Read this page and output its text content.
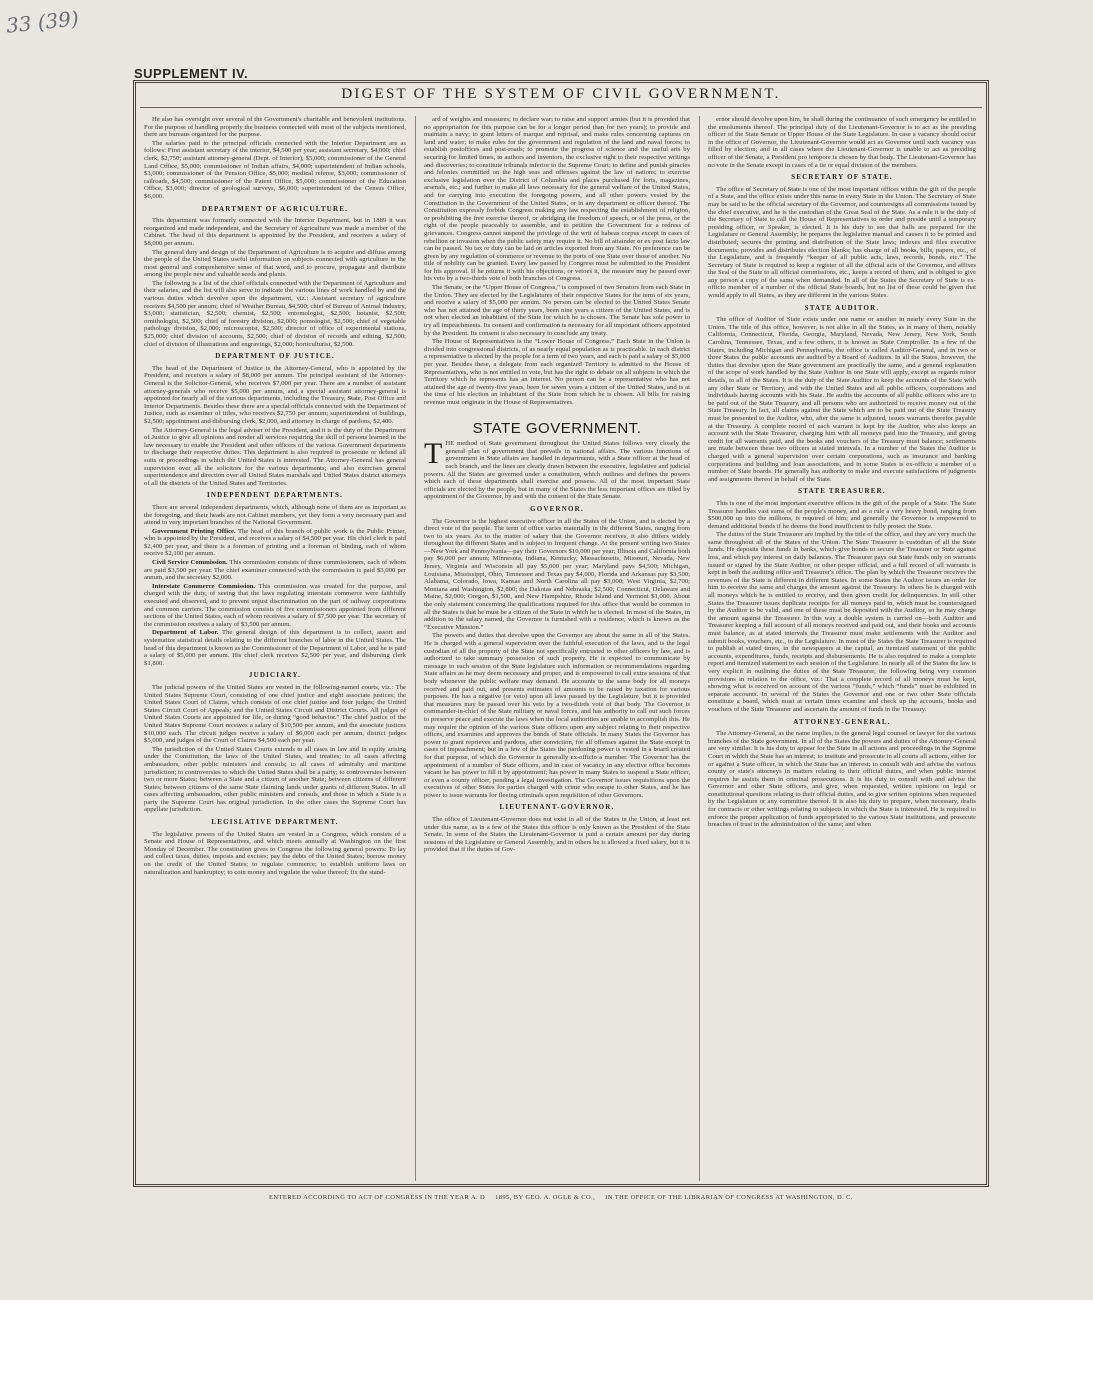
33 (39)
SUPPLEMENT IV.
DIGEST OF THE SYSTEM OF CIVIL GOVERNMENT.

He also has oversight over several of the Government's charitable and benevolent institutions. For the purpose of handling properly the business connected with most of the subjects mentioned, there are bureaus organized for the purpose.

The salaries paid to the principal officials connected with the Interior Department are as follows: First assistant secretary of the interior, $4,500 per year; assistant secretary, $4,000; chief clerk, $2,750; assistant attorney-general (Dept. of Interior), $5,000; commissioner of the General Land Office, $5,000; commissioner of Indian affairs, $4,000; superintendent of Indian schools, $3,000; commissioner of the Pension Office, $5,000; medical referee, $3,000; commissioner of railroads, $4,500; commissioner of the Patent Office, $5,000; commissioner of the Education Office, $3,000; director of geological surveys, $6,000; superintendent of the Census Office, $6,000.

DEPARTMENT OF AGRICULTURE.

This department was formerly connected with the Interior Department, but in 1889 it was reorganized and made independent, and the Secretary of Agriculture was made a member of the Cabinet. The head of this department is appointed by the President, and receives a salary of $8,000 per annum.

The general duty and design of the Department of Agriculture is to acquire and diffuse among the people of the United States useful information on subjects connected with agriculture in the most general and comprehensive sense of that word, and to procure, propagate and distribute among the people new and valuable seeds and plants.

The following is a list of the chief officials connected with the Department of Agriculture and their salaries, and the list will also serve to indicate the various lines of work handled by and the various duties which devolve upon the department, viz.: Assistant secretary of agriculture receives $4,500 per annum; chief of Weather Bureau, $4,500; chief of Bureau of Animal Industry, $3,000; statistician, $2,500; chemist, $2,500; entomologist, $2,500; botanist, $2,500; ornithologist, $2,500; chief of forestry division, $2,000; pomologist, $2,500; chief of vegetable pathology division, $2,000; microscopist, $2,500; director of office of experimental stations, $25,000; chief division of accounts, $2,500; chief of division of records and editing, $2,500; chief of division of illustrations and engravings, $2,000; horticulturist, $2,500.

DEPARTMENT OF JUSTICE.

The head of the Department of Justice is the Attorney-General, who is appointed by the President, and receives a salary of $8,000 per annum. The principal assistant of the Attorney-General is the Solicitor-General, who receives $7,000 per year. There are a number of assistant attorney-generals who receive $5,000 per annum, and a special assistant attorney-general is appointed for nearly all of the various departments, including the Treasury, State, Post Office and Interior Departments. Besides these there are a special officials connected with the Department of Justice, such as examiner of titles, who receives $2,750 per annum; superintendent of buildings, $2,500; appointment and disbursing clerk, $2,000, and attorney in charge of pardons, $2,400.

The Attorney-General is the legal adviser of the President, and it is the duty of the Department of Justice to give all opinions and render all services requiring the skill of persons learned in the law necessary to enable the President and other officers of the various Government departments to discharge their respective duties. This department is also required to prosecute or defend all suits or proceedings in which the United States is interested. The Attorney-General has general supervision over all the solicitors for the various departments; and also exercises general superintendence and direction over all United States marshals and United States district attorneys of all the districts of the United States and Territories.

INDEPENDENT DEPARTMENTS.

There are several independent departments, which, although none of them are as important as the foregoing, and their heads are not Cabinet members, yet they form a very necessary part and attend to very important branches of the National Government.

Government Printing Office. The head of this branch of public work is the Public Printer, who is appointed by the President, and receives a salary of $4,500 per year. His chief clerk is paid $2,400 per year, and there is a foreman of printing and a foreman of binding, each of whom receive $2,100 per annum.

Civil Service Commission. This commission consists of three commissioners, each of whom are paid $3,500 per year. The chief examiner connected with the commission is paid $3,000 per annum, and the secretary $2,000.

Interstate Commerce Commission. This commission was created for the purpose, and charged with the duty, of seeing that the laws regulating interstate commerce were faithfully executed and observed, and to prevent unjust discrimination on the part of railway corporations and common carriers. The commission consists of five commissioners appointed from different sections of the United States, each of whom receives a salary of $7,500 per year. The secretary of the commission receives a salary of $3,500 per annum.

Department of Labor. The general design of this department is to collect, assort and systematize statistical details relating to the different branches of labor in the United States. The head of this department is known as the Commissioner of the Department of Labor, and he is paid a salary of $5,000 per annum. His chief clerk receives $2,500 per year, and disbursing clerk $1,800.

JUDICIARY.

The judicial powers of the United States are vested in the following-named courts, viz.: The United States Supreme Court, consisting of one chief justice and eight associate justices; the United States Court of Claims, which consists of one chief justice and four judges; the United States Circuit Court of Appeals; and the United States Circuit and District Courts. All judges of United States Courts are appointed for life, or during “good behavior.” The chief justice of the United States Supreme Court receives a salary of $10,500 per annum, and the associate justices $10,000 each. The circuit judges receive a salary of $6,000 each per annum, district judges $5,000, and judges of the Court of Claims $4,500 each per year.

The jurisdiction of the United States Courts extends to all cases in law and in equity arising under the Constitution, the laws of the United States, and treaties; to all cases affecting ambassadors, other public ministers and consuls; to all cases of admiralty and maritime jurisdiction; to controversies to which the United States shall be a party; to controversies between two or more States; between a State and a citizen of another State; between citizens of different States; between citizens of the same State claiming lands under grants of different States. In all cases affecting ambassadors, other public ministers and consuls, and those in which a State is a party the Supreme Court has original jurisdiction. In the other cases the Supreme Court has appellate jurisdiction.

LEGISLATIVE DEPARTMENT.

The legislative powers of the United States are vested in a Congress, which consists of a Senate and House of Representatives, and which meets annually at Washington on the first Monday of December. The constitution gives to Congress the following general powers: To lay and collect taxes, duties, imposts and excises; pay the debts of the United States; borrow money on the credit of the United States; to regulate commerce; to establish uniform laws on naturalization and bankruptcy; to coin money and regulate the value thereof; fix the stand-

ard of weights and measures; to declare war; to raise and support armies (but it is provided that no appropriation for this purpose can be for a longer period than for two years); to provide and maintain a navy; to grant letters of marque and reprisal, and make rules concerning captures on land and water; to make rules for the government and regulation of the land and naval forces; to establish postoffices and post-roads; to promote the progress of science and the useful arts by securing for limited times, to authors and inventors, the exclusive right to their respective writings and discoveries; to constitute tribunals inferior to the Supreme Court; to define and punish piracies and felonies committed on the high seas and offenses against the law of nations; to exercise exclusive legislation over the District of Columbia and places purchased for forts, magazines, arsenals, etc.; and further to make all laws necessary for the general welfare of the United States, and for carrying into execution the foregoing powers, and all other powers vested by the Constitution in the Government of the United States, or in any department or officer thereof. The Constitution expressly forbids Congress making any law respecting the establishment of religion, or prohibiting the free exercise thereof, or abridging the freedom of speech, or of the press, or the right of the people peaceably to assemble, and to petition the Government for a redress of grievances. Congress cannot suspend the privilege of the writ of habeas corpus except in cases of rebellion or invasion when the public safety may require it. No bill of attainder or ex post facto law can be passed. No tax or duty can be laid on articles exported from any State. No preference can be given by any regulation of commerce or revenue to the ports of one State over those of another. No title of nobility can be granted. Every law passed by Congress must be submitted to the President for his approval. If he returns it with his objections, or vetoes it, the measure may be passed over his veto by a two-thirds vote of both branches of Congress.

The Senate, or the “Upper House of Congress,” is composed of two Senators from each State in the Union. They are elected by the Legislatures of their respective States for the term of six years, and receive a salary of $5,000 per annum. No person can be elected to the United States Senate who has not attained the age of thirty years, been nine years a citizen of the United States, and is not when elected an inhabitant of the State for which he is chosen. The Senate has sole power to try all impeachments. Its consent and confirmation is necessary for all important officers appointed by the President. Its consent is also necessary to conclude any treaty.

The House of Representatives is the “Lower House of Congress.” Each State in the Union is divided into congressional districts, of as nearly equal population as is practicable. In each district a representative is elected by the people for a term of two years, and each is paid a salary of $5,000 per year. Besides these, a delegate from each organized Territory is admitted to the House of Representatives, who is not entitled to vote, but has the right to debate on all subjects in which the Territory which he represents has an interest. No person can be a representative who has not attained the age of twenty-five years, been for seven years a citizen of the United States, and is at the time of his election an inhabitant of the State from which he is chosen. All bills for raising revenue must originate in the House of Representatives.

STATE GOVERNMENT.

THE method of State government throughout the United States follows very closely the general plan of government that prevails in national affairs. The various functions of government in State affairs are handled in departments, with a State officer at the head of each branch, and the lines are clearly drawn between the executive, legislative and judicial powers. All the States are governed under a constitution, which outlines and defines the powers which each of these departments shall exercise and possess. All of the most important State officials are elected by the people, but in many of the States the less important offices are filled by appointment of the Governor, by and with the consent of the State Senate.

GOVERNOR.

The Governor is the highest executive officer in all the States of the Union, and is elected by a direct vote of the people. The term of office varies materially in the different States, ranging from two to six years. As to the matter of salary that the Governor receives, it also differs widely throughout the different States and is subject to frequent change. At the present writing two States—New York and Pennsylvania—pay their Governors $10,000 per year; Illinois and California both pay $6,000 per annum; Minnesota, Indiana, Kentucky, Massachusetts, Missouri, Nevada, New Jersey, Virginia and Wisconsin all pay $5,000 per year; Maryland pays $4,500; Michigan, Louisiana, Mississippi, Ohio, Tennessee and Texas pay $4,000, Florida and Arkansas pay $3,500; Alabama, Colorado, Iowa, Kansas and North Carolina all pay $3,000; West Virginia, $2,700; Montana and Washington, $2,800; the Dakotas and Nebraska, $2,500; Connecticut, Delaware and Maine, $2,000; Oregon, $1,500, and New Hampshire, Rhode Island and Vermont $1,000. About the only statement concerning the qualifications required for this office that would be common to all the States is that he must be a citizen of the State in which he is elected. In most of the States, in addition to the salary named, the Governor is furnished with a residence, which is known as the “Executive Mansion.”

The powers and duties that devolve upon the Governor are about the same in all of the States. He is charged with a general supervision over the faithful execution of the laws, and is the legal custodian of all the property of the State not specifically entrusted to other officers by law, and is authorized to take summary possession of such property. He is expected to communicate by message to each session of the State legislature such information or recommendations regarding State affairs as he may deem necessary and proper, and is empowered to call extra sessions of that body whenever the public welfare may demand. He accounts to the same body for all moneys received and paid out, and presents estimates of amounts to be raised by taxation for various purposes. He has a negative (or veto) upon all laws passed by the Legislature, but it is provided that measures may be passed over his veto by a two-thirds vote of that body. The Governor is commander-in-chief of the State military or naval forces, and has authority to call out such forces to preserve peace and execute the laws when the local authorities are unable to accomplish this. He may require the opinion of the various State officers upon any subject relating to their respective offices, and examines and approves the bonds of State officials. In many States the Governor has power to grant reprieves and pardons, after conviction, for all offenses against the State except in cases of impeachment; but in a few of the States the pardoning power is vested in a board created for that purpose, of which the Governor is generally ex-officio a member. The Governor has the appointment of a number of State officers, and in case of vacancy in any elective office becomes vacant he has power to fill it by appointment; has power in many States to suspend a State officer, or even a county officer, pending a legal investigation. The Governor issues requisitions upon the executives of other States for parties charged with crime who escape to other States, and he has power to issue warrants for fleeing criminals upon requisition of other Governors.

LIEUTENANT-GOVERNOR.

The office of Lieutenant-Governor does not exist in all of the States in the Union, at least not under this name, as in a few of the States this officer is only known as the President of the State Senate. In some of the States the Lieutenant-Governor is paid a certain amount per day during sessions of the Legislature or General Assembly, and in others he is allowed a fixed salary, but it is provided that if the duties of Gov-

ernor should devolve upon him, he shall during the continuance of such emergency be entitled to the emoluments thereof. The principal duty of the Lieutenant-Governor is to act as the presiding officer of the State Senate or Upper House of the State Legislature. In case a vacancy should occur in the office of Governor, the Lieutenant-Governor would act as Governor until such vacancy was filled by election; and in all cases where the Lieutenant-Governor is unable to act as presiding officer of the Senate, a President pro tempore is chosen by that body. The Lieutenant-Governor has no vote in the Senate except in cases of a tie or equal division of the members.

SECRETARY OF STATE.

The office of Secretary of State is one of the most important offices within the gift of the people of a State, and the office exists under this name in every State in the Union. The Secretary of State may be said to be the official secretary of the Governor, and countersigns all commissions issued by the chief executive, and he is the custodian of the Great Seal of the State. As a rule it is the duty of the Secretary of State to call the House of Representatives to order and preside until a temporary presiding officer, or Speaker, is elected. It is his duty to see that halls are prepared for the Legislature or General Assembly; he prepares the legislative manual and causes it to be printed and distributed; secures the printing and distribution of the State laws; indexes and files executive documents; provides and distributes election blanks; has charge of all books, bills, papers, etc., of the Legislature, and is frequently “keeper of all public acts, laws, records, bonds, etc.” The Secretary of State is required to keep a register of all the official acts of the Governor, and affixes the Seal of the State to all official commissions, etc., keeps a record of them, and is obliged to give any person a copy of the same when demanded. In all of the States the Secretary of State is ex-officio member of a number of the official State boards, but no list of these could be given that would apply to all States, as they are different in the various States.

STATE AUDITOR.

The office of Auditor of State exists under one name or another in nearly every State in the Union. The title of this office, however, is not alike in all the States, as in many of them, notably California, Connecticut, Florida, Georgia, Maryland, Nevada, New Jersey, New York, South Carolina, Tennessee, Texas, and a few others, it is known as State Comptroller. In a few of the States, including Michigan and Pennsylvania, the office is called Auditor-General, and in two or three States the public accounts are audited by a Board of Auditors. In all the States, however, the duties that devolve upon the State government are practically the same, and a general explanation of the scope of work handled by the State Auditor in one State will apply, except as regards minor details, to all of the States. It is the duty of the State Auditor to keep the accounts of the State with any other State or Territory, and with the United States and all public officers, corporations and individuals having accounts with his State. He audits the accounts of all public officers who are to be paid out of the State Treasury, and all persons who are authorized to receive money out of the State Treasury. In fact, all claims against the State which are to be paid out of the State Treasury must be presented to the Auditor, who, after the same is adjusted, issues warrants therefor payable at the Treasury. A complete record of each warrant is kept by the Auditor, who also keeps an account with the State Treasurer, charging him with all moneys paid into the Treasury, and giving credit for all warrants paid, and the books and vouchers of the Treasury must balance; settlements are made between these two officers at stated intervals. In a number of the States the Auditor is charged with a general supervision over certain corporations, such as insurance and banking corporations and building and loan associations, and in some States is ex-officio a member of a number of State boards. He generally has authority to make and execute satisfactions of judgments and assignments thereof in behalf of the State.

STATE TREASURER.

This is one of the most important executive offices in the gift of the people of a State. The State Treasurer handles vast sums of the people's money, and as a rule a very heavy bond, ranging from $500,000 up into the millions, is required of him; and generally the Governor is empowered to demand additional bonds if he deems the bond insufficient to fully protect the State.

The duties of the State Treasurer are implied by the title of the office, and they are very much the same throughout all of the States of the Union. The State Treasurer is custodian of all the State funds. He deposits these funds in banks, which give bonds to secure the Treasurer or State against loss, and which pay interest on daily balances. The Treasurer pays out State funds only on warrants issued or signed by the State Auditor, or other proper official, and a full record of all warrants is kept in both the auditing office and Treasurer's office. The plan by which the Treasurer receives the revenues of the State is different in different States. In some States the Auditor issues an order for him to receive the same and charges the amount against the Treasury. In others he is charged with all moneys which he is entitled to receive, and then given credit for delinquencies. In still other States the Treasurer issues duplicate receipts for all moneys paid in, which must be countersigned by the Auditor to be valid, and one of these must be deposited with the Auditor, so he may charge the amount against the Treasurer. In this way a double system is carried on—both Auditor and Treasurer keeping a full account of all moneys received and paid out, and their books and accounts must balance, as at stated intervals the Treasurer must make settlements with the Auditor and submit books, vouchers, etc., to the Legislature. In most of the States the State Treasurer is required to publish at stated times, in the newspapers at the capital, an itemized statement of the public accounts, expenditures, funds, receipts and disbursements. He is also required to make a complete report and itemized statement to each session of the Legislature. In nearly all of the States the law is very explicit in outlining the duties of the State Treasurer, the following being very common provisions in relation to the office, viz.: That a complete record of all moneys must be kept, showing what is received on account of the various “funds,” which “funds” must be exhibited in separate accounts. In several of the States the Governor and one or two other State officials constitute a board, which must at certain times examine and check up the accounts, books and vouchers of the State Treasurer and ascertain the amount of funds in the Treasury.

ATTORNEY-GENERAL.

The Attorney-General, as the name implies, is the general legal counsel or lawyer for the various branches of the State government. In all of the States the powers and duties of the Attorney-General are very similar. It is his duty to appear for the State in all actions and proceedings in the Supreme Court in which the State has an interest; to institute and prosecute in all courts all actions, either for or against a State officer, in which the State has an interest; to consult with and advise the various county or state's attorneys in matters relating to their official duties, and when public interest requires he assists them in criminal prosecutions. It is his duty to consult with and advise the Governor and other State officers, and give, when requested, written opinions on legal or constitutional questions relating to their official duties, and to give written opinions when requested by the Legislature or any committee thereof. It is also his duty to prepare, when necessary, drafts for contracts or other writings relating to subjects in which the State is interested. He is required to enforce the proper application of funds appropriated to the various State institutions, and prosecute breaches of trust in the administration of the same; and when

ENTERED ACCORDING TO ACT OF CONGRESS IN THE YEAR A. D 1895, BY GEO. A. OGLE & CO., IN THE OFFICE OF THE LIBRARIAN OF CONGRESS AT WASHINGTON, D. C.
